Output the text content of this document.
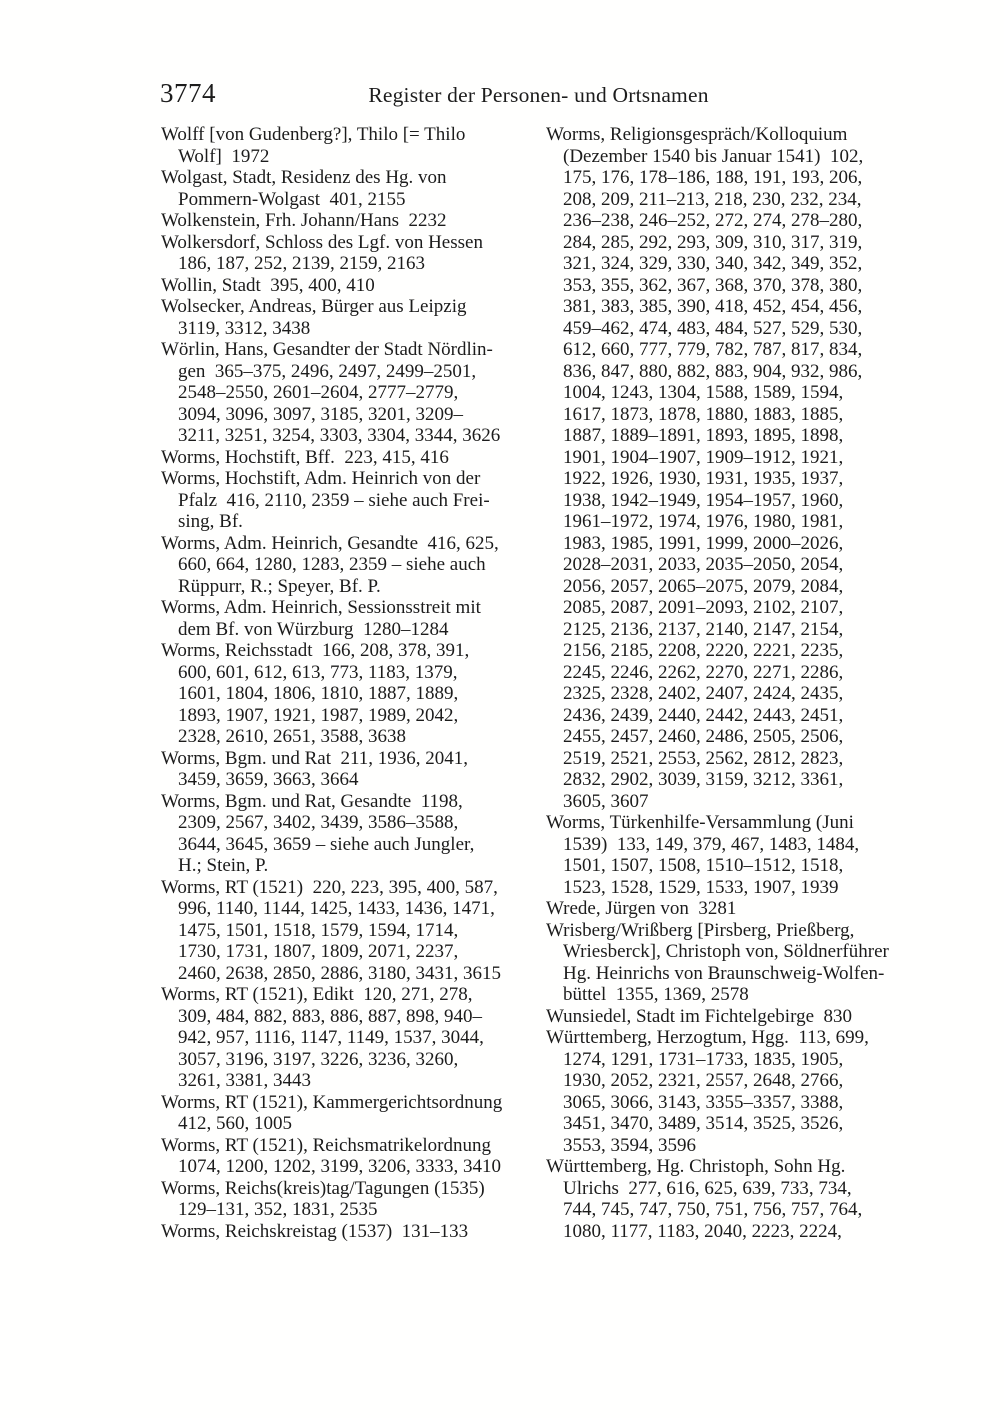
3774	Register der Personen- und Ortsnamen
Wolff [von Gudenberg?], Thilo [= Thilo
Wolf]  1972
Wolgast, Stadt, Residenz des Hg. von
Pommern-Wolgast  401, 2155
Wolkenstein, Frh. Johann/Hans  2232
Wolkersdorf, Schloss des Lgf. von Hessen
186, 187, 252, 2139, 2159, 2163
Wollin, Stadt  395, 400, 410
Wolsecker, Andreas, Bürger aus Leipzig
3119, 3312, 3438
Wörlin, Hans, Gesandter der Stadt Nördlin-
gen  365–375, 2496, 2497, 2499–2501,
2548–2550, 2601–2604, 2777–2779,
3094, 3096, 3097, 3185, 3201, 3209–
3211, 3251, 3254, 3303, 3304, 3344, 3626
Worms, Hochstift, Bff.  223, 415, 416
Worms, Hochstift, Adm. Heinrich von der
Pfalz  416, 2110, 2359 – siehe auch Frei-
sing, Bf.
Worms, Adm. Heinrich, Gesandte  416, 625,
660, 664, 1280, 1283, 2359 – siehe auch
Rüppurr, R.; Speyer, Bf. P.
Worms, Adm. Heinrich, Sessionsstreit mit
dem Bf. von Würzburg  1280–1284
Worms, Reichsstadt  166, 208, 378, 391,
600, 601, 612, 613, 773, 1183, 1379,
1601, 1804, 1806, 1810, 1887, 1889,
1893, 1907, 1921, 1987, 1989, 2042,
2328, 2610, 2651, 3588, 3638
Worms, Bgm. und Rat  211, 1936, 2041,
3459, 3659, 3663, 3664
Worms, Bgm. und Rat, Gesandte  1198,
2309, 2567, 3402, 3439, 3586–3588,
3644, 3645, 3659 – siehe auch Jungler,
H.; Stein, P.
Worms, RT (1521)  220, 223, 395, 400, 587,
996, 1140, 1144, 1425, 1433, 1436, 1471,
1475, 1501, 1518, 1579, 1594, 1714,
1730, 1731, 1807, 1809, 2071, 2237,
2460, 2638, 2850, 2886, 3180, 3431, 3615
Worms, RT (1521), Edikt  120, 271, 278,
309, 484, 882, 883, 886, 887, 898, 940–
942, 957, 1116, 1147, 1149, 1537, 3044,
3057, 3196, 3197, 3226, 3236, 3260,
3261, 3381, 3443
Worms, RT (1521), Kammergerichtsordnung
412, 560, 1005
Worms, RT (1521), Reichsmatrikelordnung
1074, 1200, 1202, 3199, 3206, 3333, 3410
Worms, Reichs(kreis)tag/Tagungen (1535)
129–131, 352, 1831, 2535
Worms, Reichskreistag (1537)  131–133
Worms, Religionsgespräch/Kolloquium
(Dezember 1540 bis Januar 1541)  102,
175, 176, 178–186, 188, 191, 193, 206,
208, 209, 211–213, 218, 230, 232, 234,
236–238, 246–252, 272, 274, 278–280,
284, 285, 292, 293, 309, 310, 317, 319,
321, 324, 329, 330, 340, 342, 349, 352,
353, 355, 362, 367, 368, 370, 378, 380,
381, 383, 385, 390, 418, 452, 454, 456,
459–462, 474, 483, 484, 527, 529, 530,
612, 660, 777, 779, 782, 787, 817, 834,
836, 847, 880, 882, 883, 904, 932, 986,
1004, 1243, 1304, 1588, 1589, 1594,
1617, 1873, 1878, 1880, 1883, 1885,
1887, 1889–1891, 1893, 1895, 1898,
1901, 1904–1907, 1909–1912, 1921,
1922, 1926, 1930, 1931, 1935, 1937,
1938, 1942–1949, 1954–1957, 1960,
1961–1972, 1974, 1976, 1980, 1981,
1983, 1985, 1991, 1999, 2000–2026,
2028–2031, 2033, 2035–2050, 2054,
2056, 2057, 2065–2075, 2079, 2084,
2085, 2087, 2091–2093, 2102, 2107,
2125, 2136, 2137, 2140, 2147, 2154,
2156, 2185, 2208, 2220, 2221, 2235,
2245, 2246, 2262, 2270, 2271, 2286,
2325, 2328, 2402, 2407, 2424, 2435,
2436, 2439, 2440, 2442, 2443, 2451,
2455, 2457, 2460, 2486, 2505, 2506,
2519, 2521, 2553, 2562, 2812, 2823,
2832, 2902, 3039, 3159, 3212, 3361,
3605, 3607
Worms, Türkenhilfe-Versammlung (Juni
1539)  133, 149, 379, 467, 1483, 1484,
1501, 1507, 1508, 1510–1512, 1518,
1523, 1528, 1529, 1533, 1907, 1939
Wrede, Jürgen von  3281
Wrisberg/Wrißberg [Pirsberg, Prießberg,
Wriesberck], Christoph von, Söldnerführer
Hg. Heinrichs von Braunschweig-Wolfen-
büttel  1355, 1369, 2578
Wunsiedel, Stadt im Fichtelgebirge  830
Württemberg, Herzogtum, Hgg.  113, 699,
1274, 1291, 1731–1733, 1835, 1905,
1930, 2052, 2321, 2557, 2648, 2766,
3065, 3066, 3143, 3355–3357, 3388,
3451, 3470, 3489, 3514, 3525, 3526,
3553, 3594, 3596
Württemberg, Hg. Christoph, Sohn Hg.
Ulrichs  277, 616, 625, 639, 733, 734,
744, 745, 747, 750, 751, 756, 757, 764,
1080, 1177, 1183, 2040, 2223, 2224,
